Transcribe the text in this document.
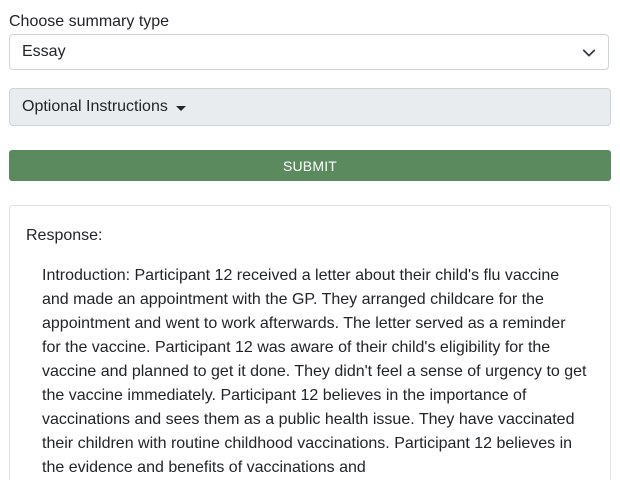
Choose summary type
Essay
Optional Instructions
SUBMIT
Response:

Introduction: Participant 12 received a letter about their child's flu vaccine and made an appointment with the GP. They arranged childcare for the appointment and went to work afterwards. The letter served as a reminder for the vaccine. Participant 12 was aware of their child's eligibility for the vaccine and planned to get it done. They didn't feel a sense of urgency to get the vaccine immediately. Participant 12 believes in the importance of vaccinations and sees them as a public health issue. They have vaccinated their children with routine childhood vaccinations. Participant 12 believes in the evidence and benefits of vaccinations and
